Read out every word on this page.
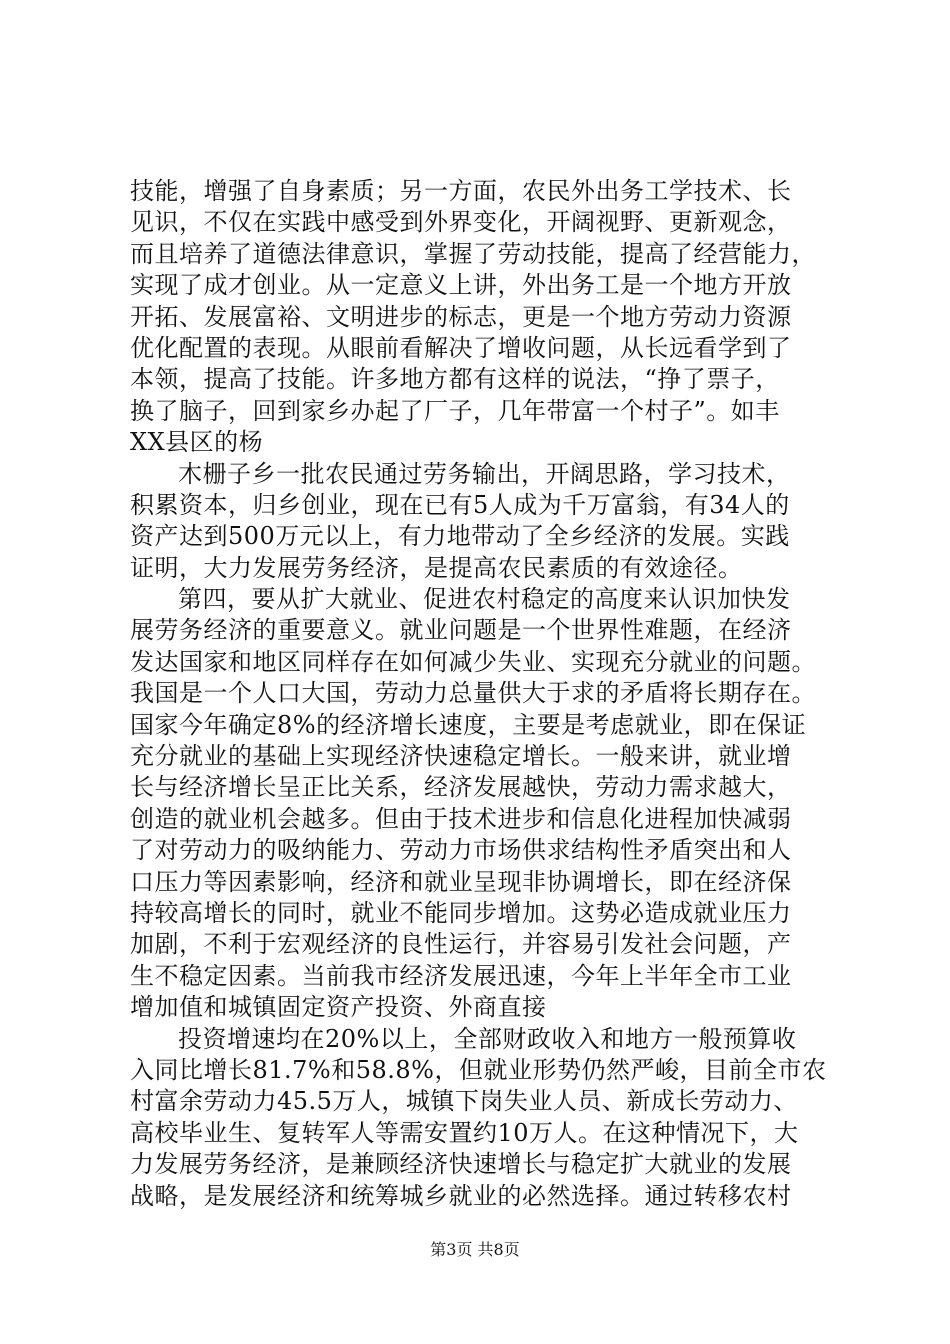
技能，增强了自身素质；另一方面，农民外出务工学技术、长
见识，不仅在实践中感受到外界变化，开阔视野、更新观念，
而且培养了道德法律意识，掌握了劳动技能，提高了经营能力，
实现了成才创业。从一定意义上讲，外出务工是一个地方开放
开拓、发展富裕、文明进步的标志，更是一个地方劳动力资源
优化配置的表现。从眼前看解决了增收问题，从长远看学到了
本领，提高了技能。许多地方都有这样的说法，“挣了票子，
换了脑子，回到家乡办起了厂子，几年带富一个村子”。如丰
XX县区的杨
木栅子乡一批农民通过劳务输出，开阔思路，学习技术，
积累资本，归乡创业，现在已有5人成为千万富翁，有34人的
资产达到500万元以上，有力地带动了全乡经济的发展。实践
证明，大力发展劳务经济，是提高农民素质的有效途径。
第四，要从扩大就业、促进农村稳定的高度来认识加快发
展劳务经济的重要意义。就业问题是一个世界性难题，在经济
发达国家和地区同样存在如何减少失业、实现充分就业的问题。
我国是一个人口大国，劳动力总量供大于求的矛盾将长期存在。
国家今年确定8%的经济增长速度，主要是考虑就业，即在保证
充分就业的基础上实现经济快速稳定增长。一般来讲，就业增
长与经济增长呈正比关系，经济发展越快，劳动力需求越大，
创造的就业机会越多。但由于技术进步和信息化进程加快减弱
了对劳动力的吸纳能力、劳动力市场供求结构性矛盾突出和人
口压力等因素影响，经济和就业呈现非协调增长，即在经济保
持较高增长的同时，就业不能同步增加。这势必造成就业压力
加剧，不利于宏观经济的良性运行，并容易引发社会问题，产
生不稳定因素。当前我市经济发展迅速，今年上半年全市工业
增加值和城镇固定资产投资、外商直接
投资增速均在20%以上，全部财政收入和地方一般预算收
入同比增长81.7%和58.8%，但就业形势仍然严峻，目前全市农
村富余劳动力45.5万人，城镇下岗失业人员、新成长劳动力、
高校毕业生、复转军人等需安置约10万人。在这种情况下，大
力发展劳务经济，是兼顾经济快速增长与稳定扩大就业的发展
战略，是发展经济和统筹城乡就业的必然选择。通过转移农村
第3页 共8页
